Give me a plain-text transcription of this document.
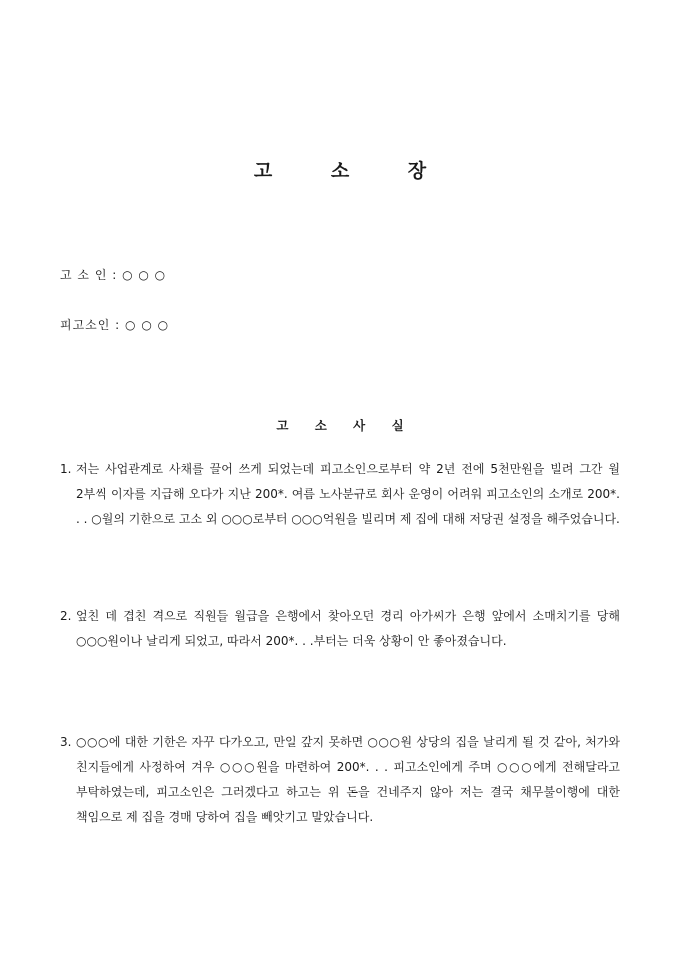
고 소 장
고 소 인 : ○ ○ ○
피고소인 : ○ ○ ○
고 소 사 실
1. 저는 사업관계로 사채를 끌어 쓰게 되었는데 피고소인으로부터 약 2년 전에 5천만원을 빌려 그간 월 2부씩 이자를 지급해 오다가 지난 200*. 여름 노사분규로 회사 운영이 어려워 피고소인의 소개로 200*. . . ○월의 기한으로 고소 외 ○○○로부터 ○○○억원을 빌리며 제 집에 대해 저당권 설정을 해주었습니다.
2. 엎친 데 겹친 격으로 직원들 월급을 은행에서 찾아오던 경리 아가씨가 은행 앞에서 소매치기를 당해 ○○○원이나 날리게 되었고, 따라서 200*. . .부터는 더욱 상황이 안 좋아졌습니다.
3. ○○○에 대한 기한은 자꾸 다가오고, 만일 갚지 못하면 ○○○원 상당의 집을 날리게 될 것 같아, 처가와 친지들에게 사정하여 겨우 ○○○원을 마련하여 200*. . . 피고소인에게 주며 ○○○에게 전해달라고 부탁하였는데, 피고소인은 그러겠다고 하고는 위 돈을 건네주지 않아 저는 결국 채무불이행에 대한 책임으로 제 집을 경매 당하여 집을 빼앗기고 말았습니다.
